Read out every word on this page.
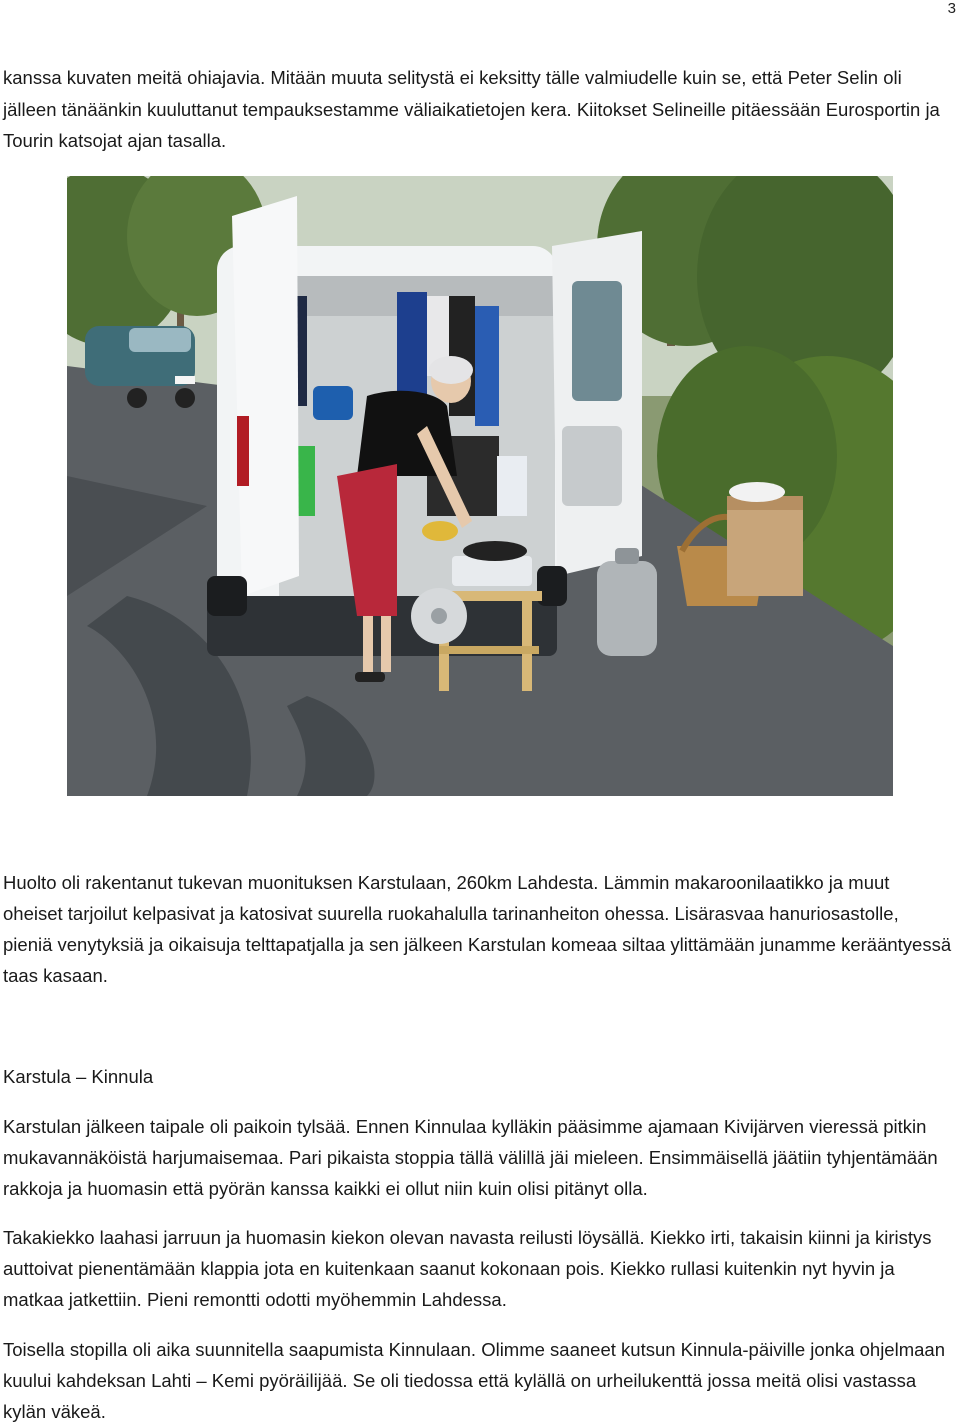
3

kanssa kuvaten meitä ohiajavia. Mitään muuta selitystä ei keksitty tälle valmiudelle kuin se, että Peter Selin oli jälleen tänäänkin kuuluttanut tempauksestamme väliaikatietojen kera. Kiitokset Selineille pitäessään Eurosportin ja Tourin katsojat ajan tasalla.

Huolto oli rakentanut tukevan muonituksen Karstulaan, 260km Lahdesta. Lämmin makaroonilaatikko ja muut oheiset tarjoilut kelpasivat ja katosivat suurella ruokahalulla tarinanheiton ohessa. Lisärasvaa hanuriosastolle, pieniä venytyksiä ja oikaisuja telttapatjalla ja sen jälkeen Karstulan komeaa siltaa ylittämään junamme kerääntyessä taas kasaan.

Karstula – Kinnula

Karstulan jälkeen taipale oli paikoin tylsää. Ennen Kinnulaa kylläkin pääsimme ajamaan Kivijärven vieressä pitkin mukavannäköistä harjumaisemaa. Pari pikaista stoppia tällä välillä jäi mieleen. Ensimmäisellä jäätiin tyhjentämään rakkoja ja huomasin että pyörän kanssa kaikki ei ollut niin kuin olisi pitänyt olla.

Takakiekko laahasi jarruun ja huomasin kiekon olevan navasta reilusti löysällä. Kiekko irti, takaisin kiinni ja kiristys auttoivat pienentämään klappia jota en kuitenkaan saanut kokonaan pois. Kiekko rullasi kuitenkin nyt hyvin ja matkaa jatkettiin. Pieni remontti odotti myöhemmin Lahdessa.

Toisella stopilla oli aika suunnitella saapumista Kinnulaan. Olimme saaneet kutsun Kinnula-päiville jonka ohjelmaan kuului kahdeksan Lahti – Kemi pyöräilijää. Se oli tiedossa että kylällä on urheilukenttä jossa meitä olisi vastassa kylän väkeä.
